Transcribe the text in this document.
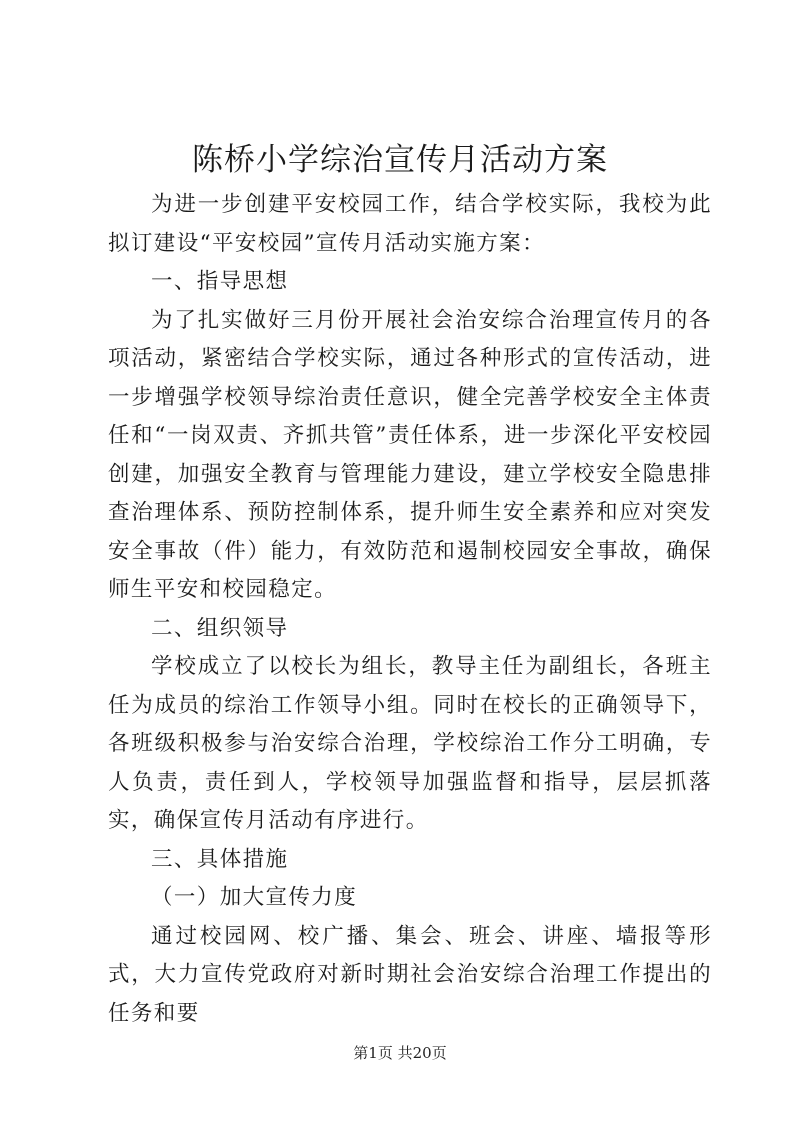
陈桥小学综治宣传月活动方案

为进一步创建平安校园工作，结合学校实际，我校为此拟订建设“平安校园”宣传月活动实施方案：

一、指导思想

为了扎实做好三月份开展社会治安综合治理宣传月的各项活动，紧密结合学校实际，通过各种形式的宣传活动，进一步增强学校领导综治责任意识，健全完善学校安全主体责任和“一岗双责、齐抓共管”责任体系，进一步深化平安校园创建，加强安全教育与管理能力建设，建立学校安全隐患排查治理体系、预防控制体系，提升师生安全素养和应对突发安全事故（件）能力，有效防范和遏制校园安全事故，确保师生平安和校园稳定。

二、组织领导

学校成立了以校长为组长，教导主任为副组长，各班主任为成员的综治工作领导小组。同时在校长的正确领导下，各班级积极参与治安综合治理，学校综治工作分工明确，专人负责，责任到人，学校领导加强监督和指导，层层抓落实，确保宣传月活动有序进行。

三、具体措施

（一）加大宣传力度

通过校园网、校广播、集会、班会、讲座、墙报等形式，大力宣传党政府对新时期社会治安综合治理工作提出的任务和要

第1页 共20页
